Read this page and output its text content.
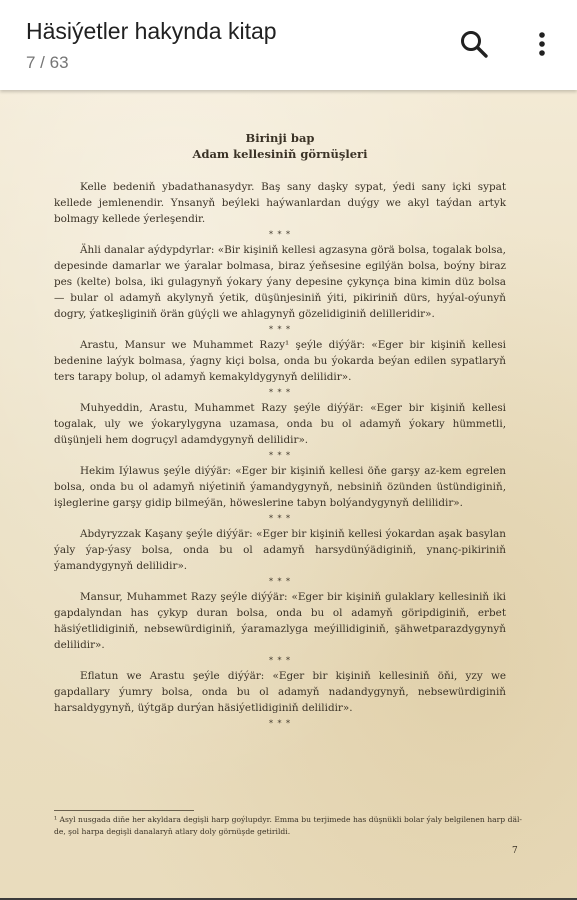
Häsiýetler hakynda kitap
7 / 63
Birinji bap
Adam kellesiniň görnüşleri

Kelle bedeniň ybadathanasydyr. Baş sany daşky sypat, ýedi sany içki sypat kellede jemlenendir. Ynsanyň beýleki haýwanlardan duýgy we akyl taýdan artyk bolmagy kellede ýerleşendir.

* * *

Ähli danalar aýdypdyrlar: «Bir kişiniň kellesi agzasyna görä bolsa, togalak bolsa, depesinde damarlar we ýaralar bolmasa, biraz ýeňsesine egilýän bolsa, boýny biraz pes (kelte) bolsa, iki gulagynyň ýokary ýany depesine çykynça bina kimin düz bolsa — bular ol adamyň akylynyň ýetik, düşünjesiniň ýiti, pikiriniň dürs, hyýal-oýunyň dogry, ýatkeşliginiň örän güýçli we ahlagynyň gözelidiginiň delilleridir».

* * *

Arastu, Mansur we Muhammet Razy¹ şeýle diýýär: «Eger bir kişiniň kellesi bedenine laýyk bolmasa, ýagny kiçi bolsa, onda bu ýokarda beýan edilen sypatlaryň ters tarapy bolup, ol adamyň kemakyldygynyň delilidir».

* * *

Muhyeddin, Arastu, Muhammet Razy şeýle diýýär: «Eger bir kişiniň kellesi togalak, uly we ýokarylygyna uzamasa, onda bu ol adamyň ýokary hümmetli, düşünjeli hem dogruçyl adamdygynyň delilidir».

* * *

Hekim Iýlawus şeýle diýýär: «Eger bir kişiniň kellesi öňe garşy az-kem egrelen bolsa, onda bu ol adamyň niýetiniň ýamandygynyň, nebsiniň özünden üstündiginiň, işleglerine garşy gidip bilmeýän, höweslerine tabyn bolýandygynyň delilidir».

* * *

Abdyryzzak Kaşany şeýle diýýär: «Eger bir kişiniň kellesi ýokardan aşak basylan ýaly ýap-ýasy bolsa, onda bu ol adamyň harsydünýädiginiň, ynanç-pikiriniň ýamandygynyň delilidir».

* * *

Mansur, Muhammet Razy şeýle diýýär: «Eger bir kişiniň gulaklary kellesiniň iki gapdalyndan has çykyp duran bolsa, onda bu ol adamyň göripdiginiň, erbet häsiýetlidiginiň, nebsewürdiginiň, ýaramazlyga meýillidiginiň, şähwetparazdygynyň delilidir».

* * *

Eflatun we Arastu şeýle diýýär: «Eger bir kişiniň kellesiniň öňi, yzy we gapdallary ýumry bolsa, onda bu ol adamyň nadandygynyň, nebsewürdiginiň harsaldygynyň, üýtgäp durýan häsiýetlidiginiň delilidir».

* * *
¹ Asyl nusgada diňe her akyldara degişli harp goýlupdyr. Emma bu terjimede has düşnükli bolar ýaly belgilenen harp däl-de, şol harpa degişli danalaryň atlary doly görnüşde getirildi.
7
